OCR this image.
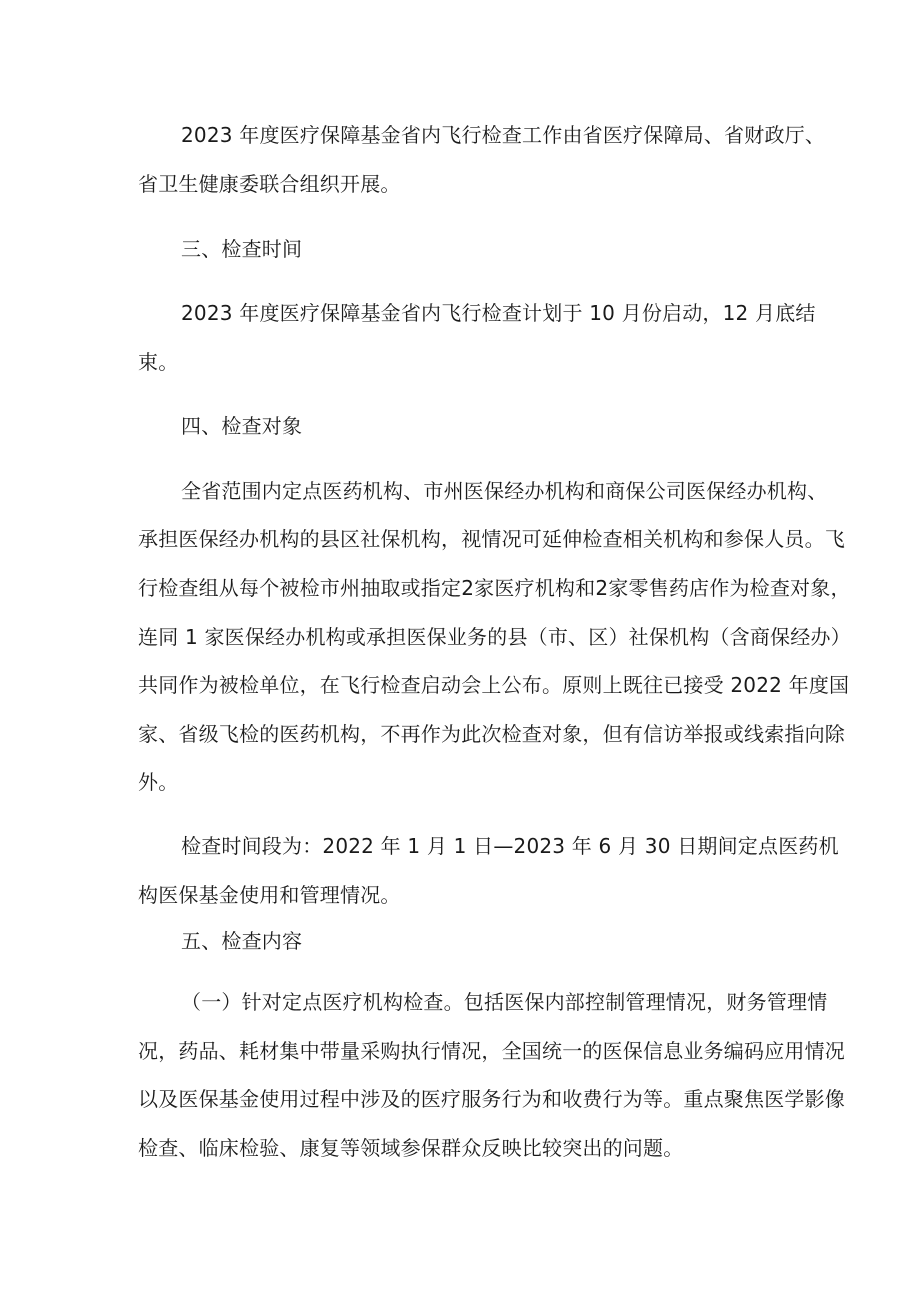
2023 年度医疗保障基金省内飞行检查工作由省医疗保障局、省财政厅、
省卫生健康委联合组织开展。
三、检查时间
2023 年度医疗保障基金省内飞行检查计划于 10 月份启动，12 月底结
束。
四、检查对象
全省范围内定点医药机构、市州医保经办机构和商保公司医保经办机构、
承担医保经办机构的县区社保机构，视情况可延伸检查相关机构和参保人员。飞
行检查组从每个被检市州抽取或指定2家医疗机构和2家零售药店作为检查对象，
连同 1 家医保经办机构或承担医保业务的县（市、区）社保机构（含商保经办）
共同作为被检单位，在飞行检查启动会上公布。原则上既往已接受 2022 年度国
家、省级飞检的医药机构，不再作为此次检查对象，但有信访举报或线索指向除
外。
检查时间段为：2022 年 1 月 1 日—2023 年 6 月 30 日期间定点医药机
构医保基金使用和管理情况。
五、检查内容
（一）针对定点医疗机构检查。包括医保内部控制管理情况，财务管理情
况，药品、耗材集中带量采购执行情况，全国统一的医保信息业务编码应用情况
以及医保基金使用过程中涉及的医疗服务行为和收费行为等。重点聚焦医学影像
检查、临床检验、康复等领域参保群众反映比较突出的问题。
